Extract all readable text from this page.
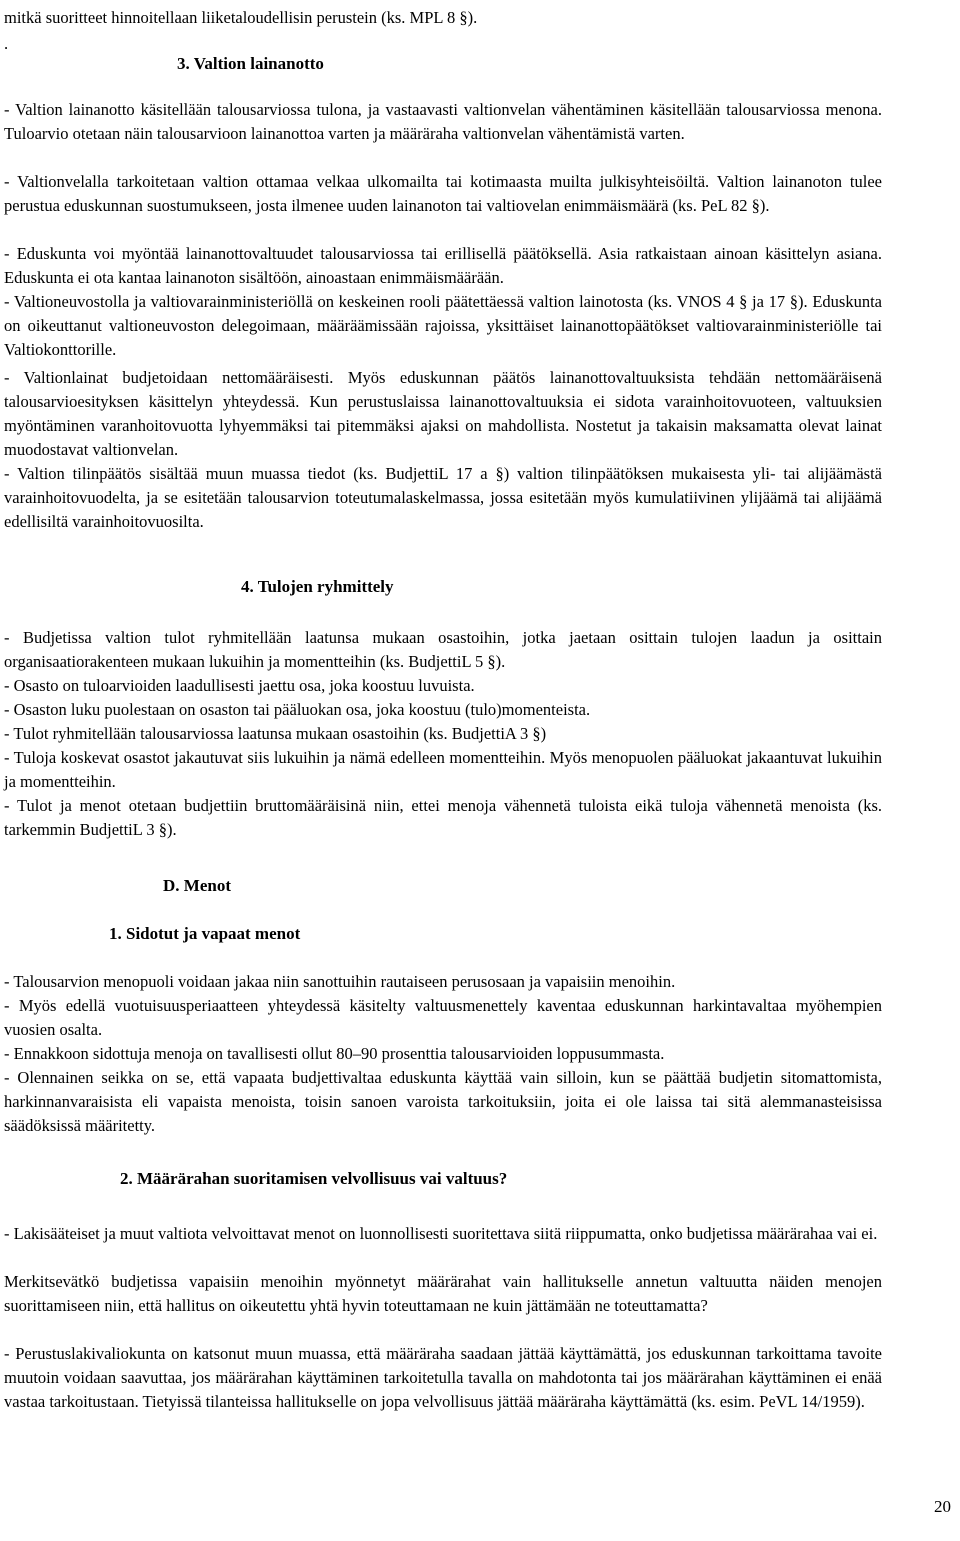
mitkä suoritteet hinnoitellaan liiketaloudellisin perustein (ks. MPL 8 §).

.

3. Valtion lainanotto

- Valtion lainanotto käsitellään talousarviossa tulona, ja vastaavasti valtionvelan vähentäminen käsitellään talousarviossa menona. Tuloarvio otetaan näin talousarvioon lainanottoa varten ja määräraha valtionvelan vähentämistä varten.

- Valtionvelalla tarkoitetaan valtion ottamaa velkaa ulkomailta tai kotimaasta muilta julkisyhteisöiltä. Valtion lainanoton tulee perustua eduskunnan suostumukseen, josta ilmenee uuden lainanoton tai valtiovelan enimmäismäärä (ks. PeL 82 §).

- Eduskunta voi myöntää lainanottovaltuudet talousarviossa tai erillisellä päätöksellä. Asia ratkaistaan ainoan käsittelyn asiana. Eduskunta ei ota kantaa lainanoton sisältöön, ainoastaan enimmäismäärään.

- Valtioneuvostolla ja valtiovarainministeriöllä on keskeinen rooli päätettäessä valtion lainotosta (ks. VNOS 4 § ja 17 §). Eduskunta on oikeuttanut valtioneuvoston delegoimaan, määräämissään rajoissa, yksittäiset lainanottopäätökset valtiovarainministeriölle tai Valtiokonttorille.

- Valtionlainat budjetoidaan nettomääräisesti. Myös eduskunnan päätös lainanottovaltuuksista tehdään nettomääräisenä talousarvioesityksen käsittelyn yhteydessä. Kun perustuslaissa lainanottovaltuuksia ei sidota varainhoitovuoteen, valtuuksien myöntäminen varanhoitovuotta lyhyemmäksi tai pitemmäksi ajaksi on mahdollista. Nostetut ja takaisin maksamatta olevat lainat muodostavat valtionvelan.

- Valtion tilinpäätös sisältää muun muassa tiedot (ks. BudjettiL 17 a §) valtion tilinpäätöksen mukaisesta yli- tai alijäämästä varainhoitovuodelta, ja se esitetään talousarvion toteutumalaskelmassa, jossa esitetään myös kumulatiivinen ylijäämä tai alijäämä edellisiltä varainhoitovuosilta.

4. Tulojen ryhmittely

- Budjetissa valtion tulot ryhmitellään laatunsa mukaan osastoihin, jotka jaetaan osittain tulojen laadun ja osittain organisaatiorakenteen mukaan lukuihin ja momentteihin (ks. BudjettiL 5 §).

- Osasto on tuloarvioiden laadullisesti jaettu osa, joka koostuu luvuista.

- Osaston luku puolestaan on osaston tai pääluokan osa, joka koostuu (tulo)momenteista.

- Tulot ryhmitellään talousarviossa laatunsa mukaan osastoihin (ks. BudjettiA 3 §)

- Tuloja koskevat osastot jakautuvat siis lukuihin ja nämä edelleen momentteihin. Myös menopuolen pääluokat jakaantuvat lukuihin ja momentteihin.

- Tulot ja menot otetaan budjettiin bruttomääräisinä niin, ettei menoja vähennetä tuloista eikä tuloja vähennetä menoista (ks. tarkemmin BudjettiL 3 §).

D. Menot
1. Sidotut ja vapaat menot

- Talousarvion menopuoli voidaan jakaa niin sanottuihin rautaiseen perusosaan ja vapaisiin menoihin.

- Myös edellä vuotuisuusperiaatteen yhteydessä käsitelty valtuusmenettely kaventaa eduskunnan harkintavaltaa myöhempien vuosien osalta.

- Ennakkoon sidottuja menoja on tavallisesti ollut 80–90 prosenttia talousarvioiden loppusummasta.

- Olennainen seikka on se, että vapaata budjettivaltaa eduskunta käyttää vain silloin, kun se päättää budjetin sitomattomista, harkinnanvaraisista eli vapaista menoista, toisin sanoen varoista tarkoituksiin, joita ei ole laissa tai sitä alemmanasteisissa säädöksissä määritetty.

2. Määrärahan suoritamisen velvollisuus vai valtuus?

- Lakisääteiset ja muut valtiota velvoittavat menot on luonnollisesti suoritettava siitä riippumatta, onko budjetissa määrärahaa vai ei.

Merkitsevätkö budjetissa vapaisiin menoihin myönnetyt määrärahat vain hallitukselle annetun valtuutta näiden menojen suorittamiseen niin, että hallitus on oikeutettu yhtä hyvin toteuttamaan ne kuin jättämään ne toteuttamatta?

- Perustuslakivaliokunta on katsonut muun muassa, että määräraha saadaan jättää käyttämättä, jos eduskunnan tarkoittama tavoite muutoin voidaan saavuttaa, jos määrärahan käyttäminen tarkoitetulla tavalla on mahdotonta tai jos määrärahan käyttäminen ei enää vastaa tarkoitustaan. Tietyissä tilanteissa hallitukselle on jopa velvollisuus jättää määräraha käyttämättä (ks. esim. PeVL 14/1959).

20
